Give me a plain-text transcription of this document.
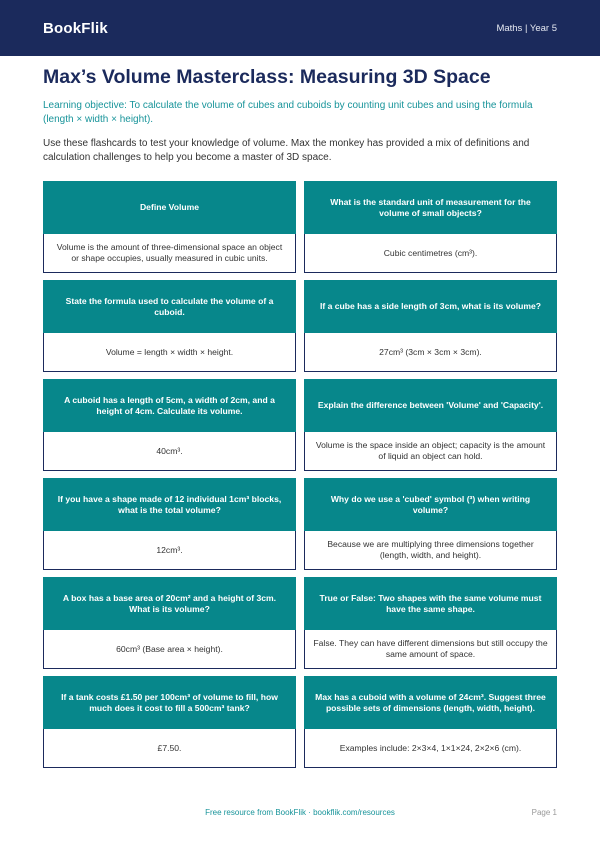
BookFlik	Maths | Year 5
Max’s Volume Masterclass: Measuring 3D Space

Learning objective: To calculate the volume of cubes and cuboids by counting unit cubes and using the formula (length × width × height).

Use these flashcards to test your knowledge of volume. Max the monkey has provided a mix of definitions and calculation challenges to help you become a master of 3D space.

Define Volume
Volume is the amount of three-dimensional space an object or shape occupies, usually measured in cubic units.
What is the standard unit of measurement for the volume of small objects?
Cubic centimetres (cm³).
State the formula used to calculate the volume of a cuboid.
Volume = length × width × height.
If a cube has a side length of 3cm, what is its volume?
27cm³ (3cm × 3cm × 3cm).
A cuboid has a length of 5cm, a width of 2cm, and a height of 4cm. Calculate its volume.
40cm³.
Explain the difference between 'Volume' and 'Capacity'.
Volume is the space inside an object; capacity is the amount of liquid an object can hold.
If you have a shape made of 12 individual 1cm³ blocks, what is the total volume?
12cm³.
Why do we use a 'cubed' symbol (³) when writing volume?
Because we are multiplying three dimensions together (length, width, and height).
A box has a base area of 20cm² and a height of 3cm. What is its volume?
60cm³ (Base area × height).
True or False: Two shapes with the same volume must have the same shape.
False. They can have different dimensions but still occupy the same amount of space.
If a tank costs £1.50 per 100cm³ of volume to fill, how much does it cost to fill a 500cm³ tank?
£7.50.
Max has a cuboid with a volume of 24cm³. Suggest three possible sets of dimensions (length, width, height).
Examples include: 2×3×4, 1×1×24, 2×2×6 (cm).
Free resource from BookFlik · bookflik.com/resources	Page 1
